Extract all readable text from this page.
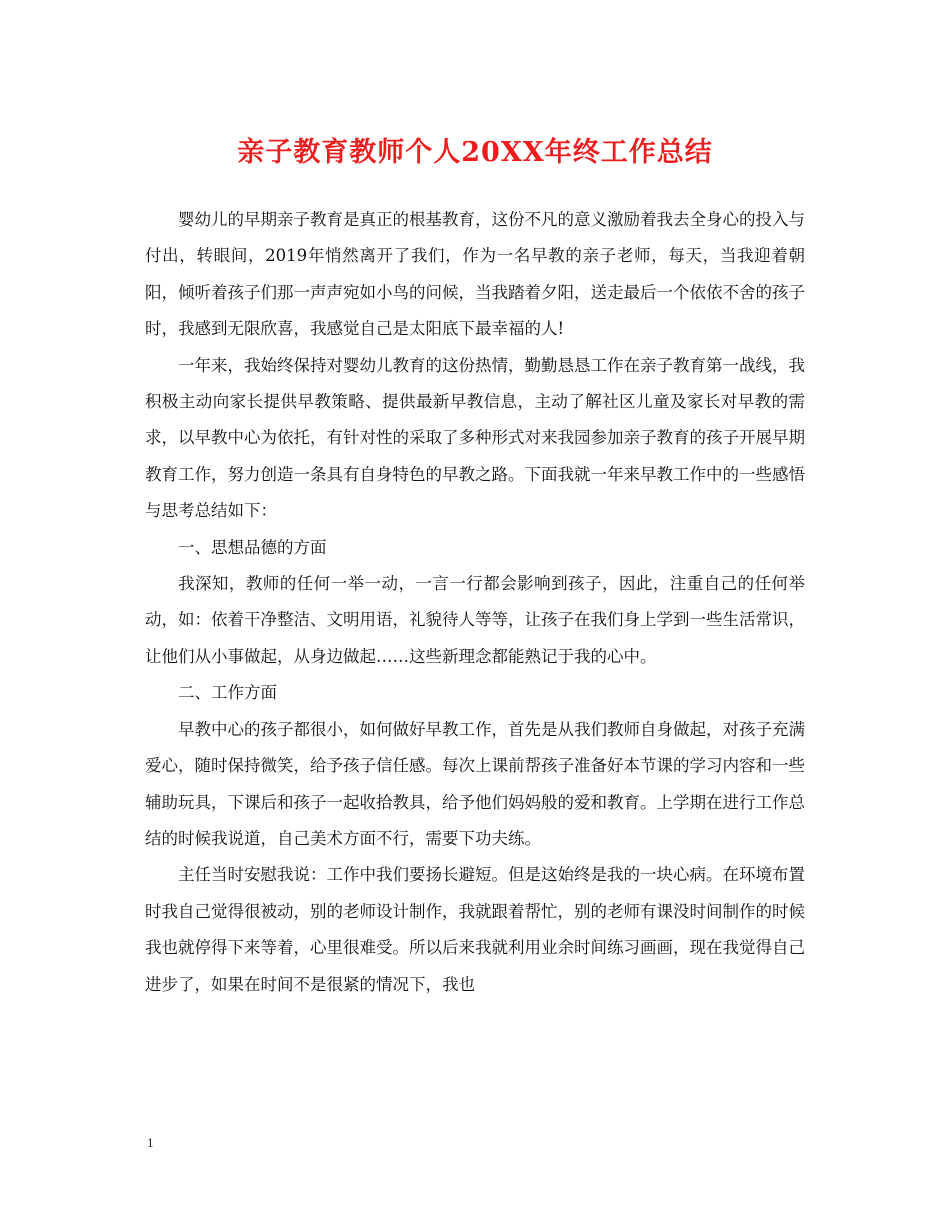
亲子教育教师个人20XX年终工作总结

婴幼儿的早期亲子教育是真正的根基教育，这份不凡的意义激励着我去全身心的投入与付出，转眼间，2019年悄然离开了我们，作为一名早教的亲子老师，每天，当我迎着朝阳，倾听着孩子们那一声声宛如小鸟的问候，当我踏着夕阳，送走最后一个依依不舍的孩子时，我感到无限欣喜，我感觉自己是太阳底下最幸福的人!

一年来，我始终保持对婴幼儿教育的这份热情，勤勤恳恳工作在亲子教育第一战线，我积极主动向家长提供早教策略、提供最新早教信息，主动了解社区儿童及家长对早教的需求，以早教中心为依托，有针对性的采取了多种形式对来我园参加亲子教育的孩子开展早期教育工作，努力创造一条具有自身特色的早教之路。下面我就一年来早教工作中的一些感悟与思考总结如下：

一、思想品德的方面

我深知，教师的任何一举一动，一言一行都会影响到孩子，因此，注重自己的任何举动，如：依着干净整洁、文明用语，礼貌待人等等，让孩子在我们身上学到一些生活常识，让他们从小事做起，从身边做起……这些新理念都能熟记于我的心中。

二、工作方面

早教中心的孩子都很小，如何做好早教工作，首先是从我们教师自身做起，对孩子充满爱心，随时保持微笑，给予孩子信任感。每次上课前帮孩子准备好本节课的学习内容和一些辅助玩具，下课后和孩子一起收拾教具，给予他们妈妈般的爱和教育。上学期在进行工作总结的时候我说道，自己美术方面不行，需要下功夫练。

主任当时安慰我说：工作中我们要扬长避短。但是这始终是我的一块心病。在环境布置时我自己觉得很被动，别的老师设计制作，我就跟着帮忙，别的老师有课没时间制作的时候我也就停得下来等着，心里很难受。所以后来我就利用业余时间练习画画，现在我觉得自己进步了，如果在时间不是很紧的情况下，我也

1
